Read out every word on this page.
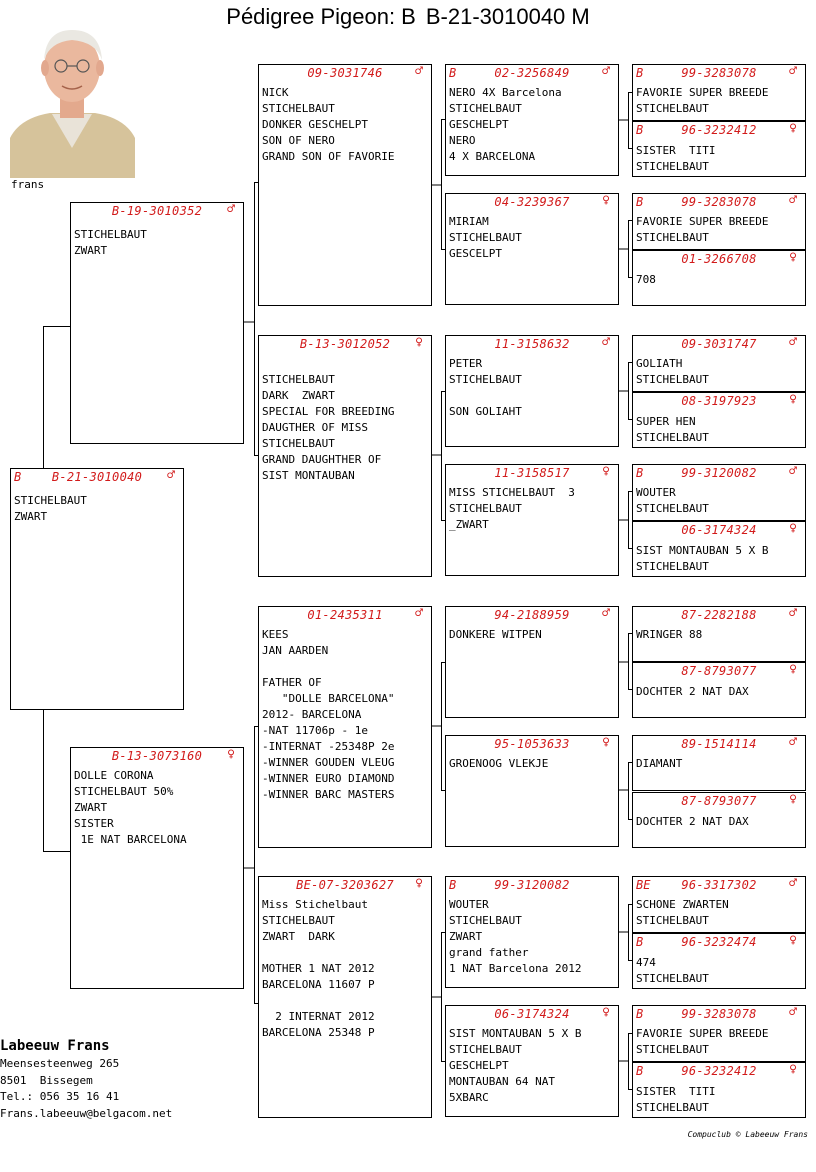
Pédigree Pigeon: B B-21-3010040 M
frans
B	B-21-3010040	♂
STICHELBAUT
ZWART
B-19-3010352	♂
STICHELBAUT
ZWART
B-13-3073160	♀
DOLLE CORONA
STICHELBAUT 50%
ZWART
SISTER
1E NAT BARCELONA
09-3031746	♂
NICK
STICHELBAUT
DONKER GESCHELPT
SON OF NERO
GRAND SON OF FAVORIE
B-13-3012052	♀

STICHELBAUT
DARK  ZWART
SPECIAL FOR BREEDING
DAUGTHER OF MISS
STICHELBAUT
GRAND DAUGHTHER OF
SIST MONTAUBAN
01-2435311	♂
KEES
JAN AARDEN

FATHER OF
"DOLLE BARCELONA"
2012- BARCELONA
-NAT 11706p - 1e
-INTERNAT -25348P 2e
-WINNER GOUDEN VLEUG
-WINNER EURO DIAMOND
-WINNER BARC MASTERS
BE-07-3203627	♀
Miss Stichelbaut
STICHELBAUT
ZWART  DARK

MOTHER 1 NAT 2012
BARCELONA 11607 P

2 INTERNAT 2012
BARCELONA 25348 P
B	02-3256849	♂
NERO 4X Barcelona
STICHELBAUT
GESCHELPT
NERO
4 X BARCELONA
04-3239367	♀
MIRIAM
STICHELBAUT
GESCELPT
11-3158632	♂
PETER
STICHELBAUT

SON GOLIAHT
11-3158517	♀
MISS STICHELBAUT  3
STICHELBAUT
_ZWART
94-2188959	♂
DONKERE WITPEN
95-1053633	♀
GROENOOG VLEKJE
B	99-3120082
WOUTER
STICHELBAUT
ZWART
grand father
1 NAT Barcelona 2012
06-3174324	♀
SIST MONTAUBAN 5 X B
STICHELBAUT
GESCHELPT
MONTAUBAN 64 NAT
5XBARC
B	99-3283078	♂
FAVORIE SUPER BREEDE
STICHELBAUT
B	96-3232412	♀
SISTER  TITI
STICHELBAUT
B	99-3283078	♂
FAVORIE SUPER BREEDE
STICHELBAUT
01-3266708	♀
708
09-3031747	♂
GOLIATH
STICHELBAUT
08-3197923	♀
SUPER HEN
STICHELBAUT
B	99-3120082	♂
WOUTER
STICHELBAUT
06-3174324	♀
SIST MONTAUBAN 5 X B
STICHELBAUT
87-2282188	♂
WRINGER 88
87-8793077	♀
DOCHTER 2 NAT DAX
89-1514114	♂
DIAMANT
87-8793077	♀
DOCHTER 2 NAT DAX
BE	96-3317302	♂
SCHONE ZWARTEN
STICHELBAUT
B	96-3232474	♀
474
STICHELBAUT
B	99-3283078	♂
FAVORIE SUPER BREEDE
STICHELBAUT
B	96-3232412	♀
SISTER  TITI
STICHELBAUT
Labeeuw Frans
Meensesteenweg 265
8501  Bissegem
Tel.: 056 35 16 41
Frans.labeeuw@belgacom.net
Compuclub © Labeeuw Frans
